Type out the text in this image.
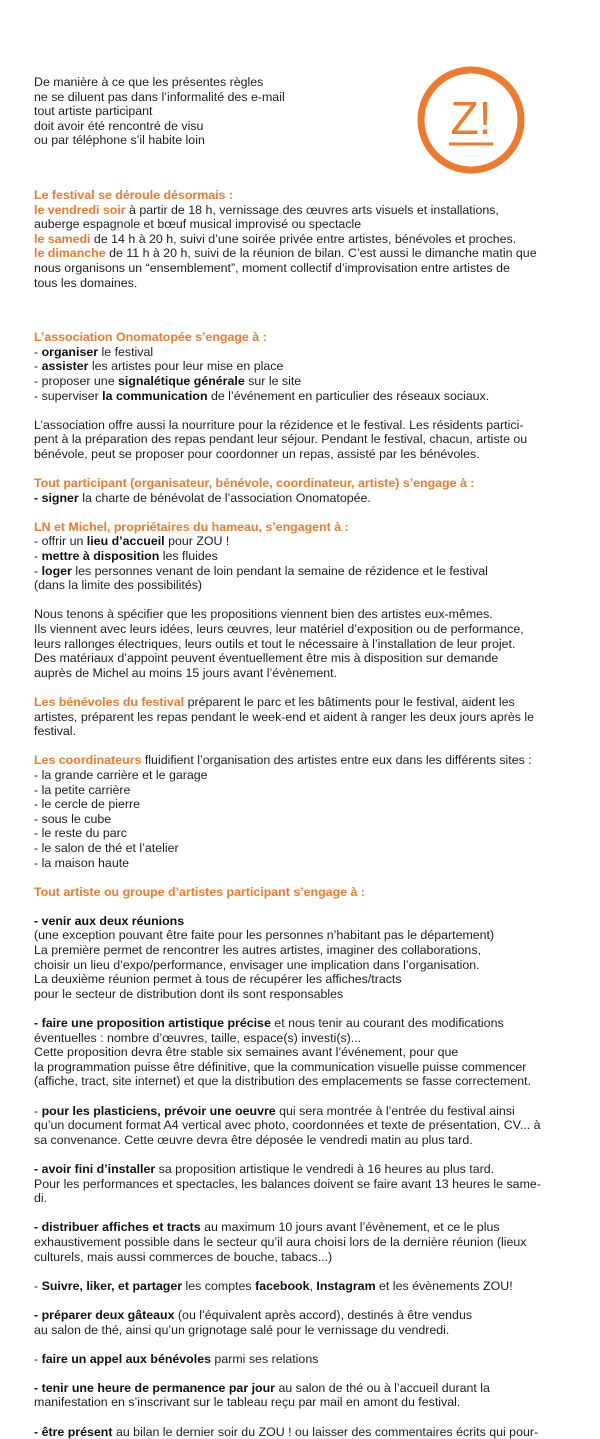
Z!
De manière à ce que les présentes règles
ne se diluent pas dans l’informalité des e-mail
tout artiste participant
doit avoir été rencontré de visu
ou par téléphone s’il habite loin
Le festival se déroule désormais :
le vendredi soir à partir de 18 h, vernissage des œuvres arts visuels et installations,
auberge espagnole et bœuf musical improvisé ou spectacle
le samedi de 14 h à 20 h, suivi d’une soirée privée entre artistes, bénévoles et proches.
le dimanche de 11 h à 20 h, suivi de la réunion de bilan. C’est aussi le dimanche matin que
nous organisons un “ensemblement”, moment collectif d’improvisation entre artistes de
tous les domaines.
L’association Onomatopée s’engage à :
- organiser le festival
- assister les artistes pour leur mise en place
- proposer une signalétique générale sur le site
- superviser la communication de l’événement en particulier des réseaux sociaux.
L’association offre aussi la nourriture pour la rézidence et le festival. Les résidents partici-
pent à la préparation des repas pendant leur séjour. Pendant le festival, chacun, artiste ou
bénévole, peut se proposer pour coordonner un repas, assisté par les bénévoles.
Tout participant (organisateur, bénévole, coordinateur, artiste) s’engage à :
- signer la charte de bénévolat de l’association Onomatopée.
LN et Michel, propriétaires du hameau, s’engagent à :
- offrir un lieu d’accueil pour ZOU !
- mettre à disposition les fluides
- loger les personnes venant de loin pendant la semaine de rézidence et le festival
(dans la limite des possibilités)
Nous tenons à spécifier que les propositions viennent bien des artistes eux-mêmes.
Ils viennent avec leurs idées, leurs œuvres, leur matériel d’exposition ou de performance,
leurs rallonges électriques, leurs outils et tout le nécessaire à l’installation de leur projet.
Des matériaux d’appoint peuvent éventuellement être mis à disposition sur demande
auprès de Michel au moins 15 jours avant l’évènement.
Les bénévoles du festival préparent le parc et les bâtiments pour le festival, aident les
artistes, préparent les repas pendant le week-end et aident à ranger les deux jours après le
festival.
Les coordinateurs fluidifient l’organisation des artistes entre eux dans les différents sites :
- la grande carrière et le garage
- la petite carrière
- le cercle de pierre
- sous le cube
- le reste du parc
- le salon de thé et l’atelier
- la maison haute
Tout artiste ou groupe d’artistes participant s’engage à :
- venir aux deux réunions
(une exception pouvant être faite pour les personnes n’habitant pas le département)
La première permet de rencontrer les autres artistes, imaginer des collaborations,
choisir un lieu d’expo/performance, envisager une implication dans l’organisation.
La deuxième réunion permet à tous de récupérer les affiches/tracts
pour le secteur de distribution dont ils sont responsables
- faire une proposition artistique précise et nous tenir au courant des modifications
éventuelles : nombre d’œuvres, taille, espace(s) investi(s)...
Cette proposition devra être stable six semaines avant l’événement, pour que
la programmation puisse être définitive, que la communication visuelle puisse commencer
(affiche, tract, site internet) et que la distribution des emplacements se fasse correctement.
- pour les plasticiens, prévoir une oeuvre qui sera montrée à l’entrée du festival ainsi
qu’un document format A4 vertical avec photo, coordonnées et texte de présentation, CV... à
sa convenance. Cette œuvre devra être déposée le vendredi matin au plus tard.
- avoir fini d’installer sa proposition artistique le vendredi à 16 heures au plus tard.
Pour les performances et spectacles, les balances doivent se faire avant 13 heures le same-
di.
- distribuer affiches et tracts au maximum 10 jours avant l’évènement, et ce le plus
exhaustivement possible dans le secteur qu’il aura choisi lors de la dernière réunion (lieux
culturels, mais aussi commerces de bouche, tabacs...)
- Suivre, liker, et partager les comptes facebook, Instagram et les évènements ZOU!
- préparer deux gâteaux (ou l’équivalent après accord), destinés à être vendus
au salon de thé, ainsi qu’un grignotage salé pour le vernissage du vendredi.
- faire un appel aux bénévoles parmi ses relations
- tenir une heure de permanence par jour au salon de thé ou à l’accueil durant la
manifestation en s’inscrivant sur le tableau reçu par mail en amont du festival.
- être présent au bilan le dernier soir du ZOU ! ou laisser des commentaires écrits qui pour-
